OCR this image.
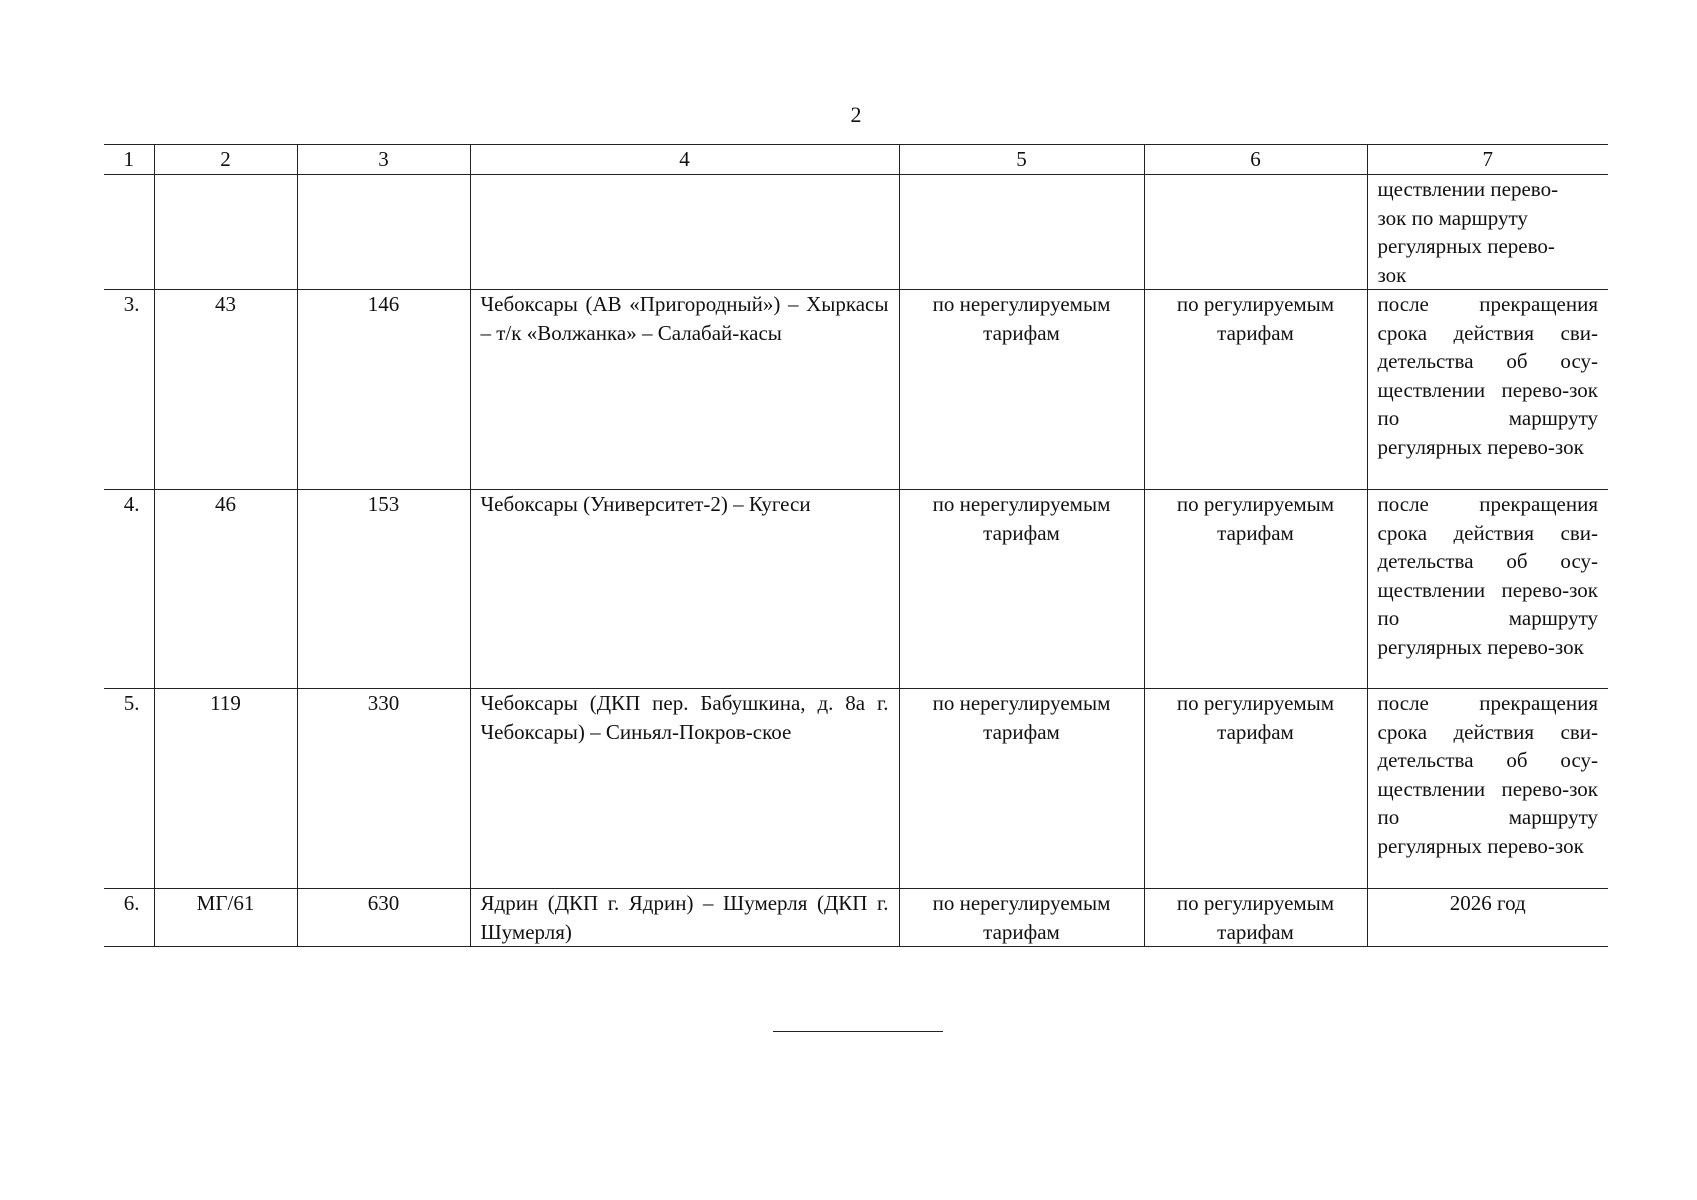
2
1	2	3	4	5	6	7
						ществлении перево-
зок по маршруту
регулярных перево-
зок
3.	43	146	Чебоксары (АВ «Пригородный») – Хыркасы – т/к «Волжанка» – Салабай-касы	по нерегулируемым тарифам	по регулируемым тарифам	после прекращения срока действия сви-детельства об осу-ществлении перево-зок по маршруту регулярных перево-зок
4.	46	153	Чебоксары (Университет-2) – Кугеси	по нерегулируемым тарифам	по регулируемым тарифам	после прекращения срока действия сви-детельства об осу-ществлении перево-зок по маршруту регулярных перево-зок
5.	119	330	Чебоксары (ДКП пер. Бабушкина, д. 8а г. Чебоксары) – Синьял-Покров-ское	по нерегулируемым тарифам	по регулируемым тарифам	после прекращения срока действия сви-детельства об осу-ществлении перево-зок по маршруту регулярных перево-зок
6.	МГ/61	630	Ядрин (ДКП г. Ядрин) – Шумерля (ДКП г. Шумерля)	по нерегулируемым тарифам	по регулируемым тарифам	2026 год
